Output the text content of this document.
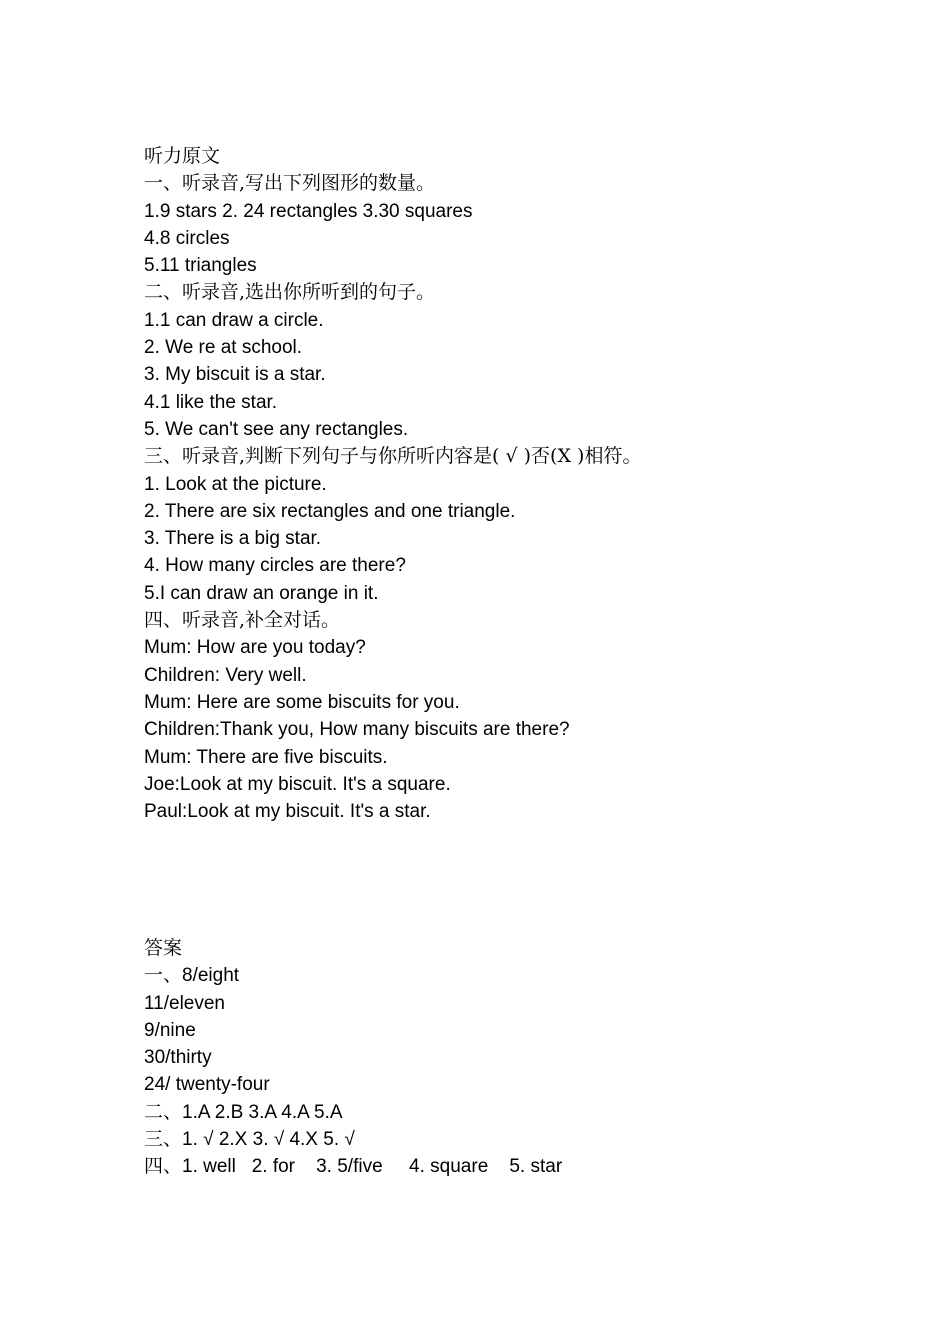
听力原文
一、听录音,写出下列图形的数量。
1.9 stars 2. 24 rectangles 3.30 squares
4.8 circles
5.11 triangles
二、听录音,选出你所听到的句子。
1.1 can draw a circle.
2. We re at school.
3. My biscuit is a star.
4.1 like the star.
5. We can't see any rectangles.
三、听录音,判断下列句子与你所听内容是( √ )否(X )相符。
1. Look at the picture.
2. There are six rectangles and one triangle.
3. There is a big star.
4. How many circles are there?
5.I can draw an orange in it.
四、听录音,补全对话。
Mum: How are you today?
Children: Very well.
Mum: Here are some biscuits for you.
Children:Thank you, How many biscuits are there?
Mum: There are five biscuits.
Joe:Look at my biscuit. It's a square.
Paul:Look at my biscuit. It's a star.
答案
一、8/eight
11/eleven
9/nine
30/thirty
24/ twenty-four
二、1.A 2.B 3.A 4.A 5.A
三、1. √ 2.X 3. √ 4.X 5. √
四、1. well   2. for    3. 5/five     4. square    5. star
